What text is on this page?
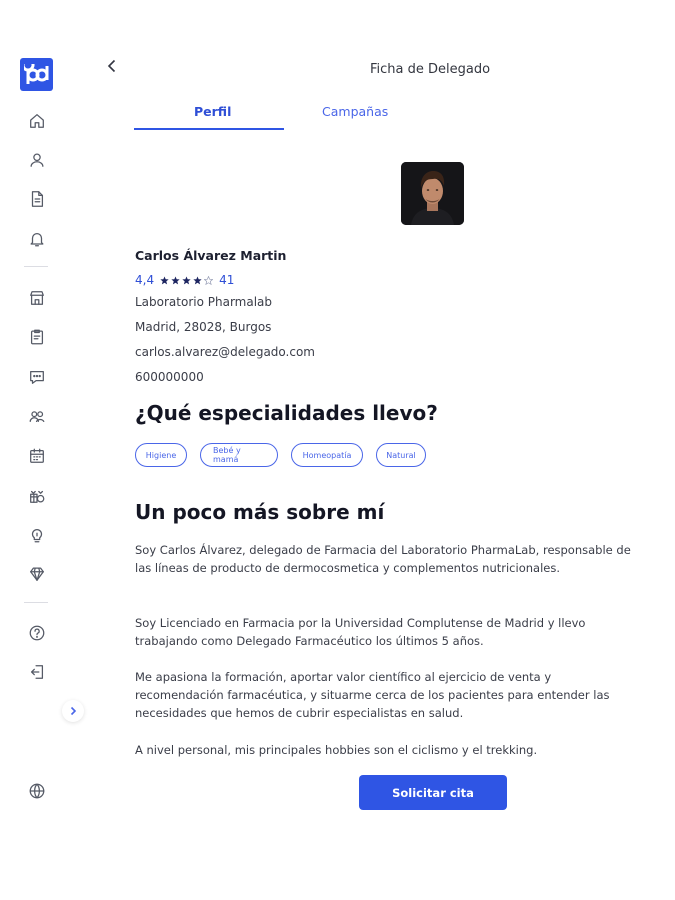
Ficha de Delegado
Perfil	Campañas
Carlos Álvarez Martin
4,4	41
Laboratorio Pharmalab
Madrid, 28028, Burgos
carlos.alvarez@delegado.com
600000000
¿Qué especialidades llevo?
Higiene	Bebé y mamá	Homeopatía	Natural
Un poco más sobre mí
Soy Carlos Álvarez, delegado de Farmacia del Laboratorio PharmaLab, responsable de las líneas de producto de dermocosmetica y complementos nutricionales.
Soy Licenciado en Farmacia por la Universidad Complutense de Madrid y llevo trabajando como Delegado Farmacéutico los últimos 5 años.
Me apasiona la formación, aportar valor científico al ejercicio de venta y recomendación farmacéutica, y situarme cerca de los pacientes para entender las necesidades que hemos de cubrir especialistas en salud.
A nivel personal, mis principales hobbies son el ciclismo y el trekking.
Solicitar cita
